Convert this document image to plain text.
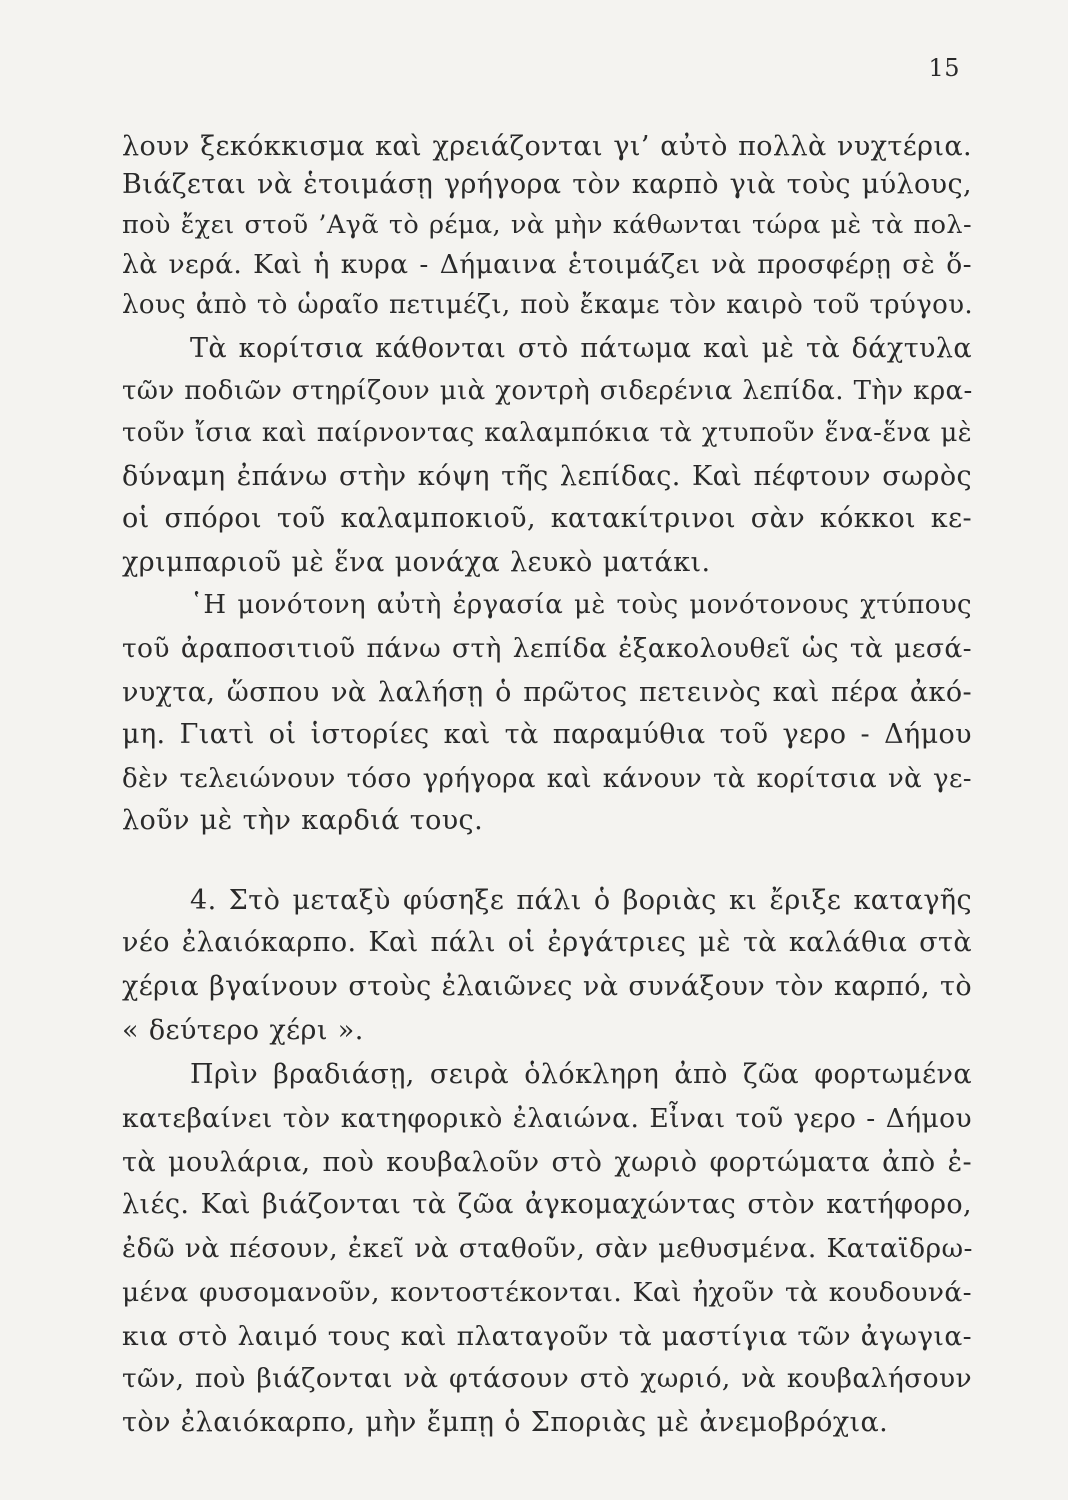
15
λουν ξεκόκκισμα καὶ χρειάζονται γι’ αὐτὸ πολλὰ νυχτέρια.
Βιάζεται νὰ ἑτοιμάσῃ γρήγορα τὸν καρπὸ γιὰ τοὺς μύλους,
ποὺ ἔχει στοῦ ’Αγᾶ τὸ ρέμα, νὰ μὴν κάθωνται τώρα μὲ τὰ πολ-
λὰ νερά. Καὶ ἡ κυρα - Δήμαινα ἑτοιμάζει νὰ προσφέρῃ σὲ ὅ-
λους ἀπὸ τὸ ὡραῖο πετιμέζι, ποὺ ἔκαμε τὸν καιρὸ τοῦ τρύγου.
Τὰ κορίτσια κάθονται στὸ πάτωμα καὶ μὲ τὰ δάχτυλα
τῶν ποδιῶν στηρίζουν μιὰ χοντρὴ σιδερένια λεπίδα. Τὴν κρα-
τοῦν ἴσια καὶ παίρνοντας καλαμπόκια τὰ χτυποῦν ἕνα-ἕνα μὲ
δύναμη ἐπάνω στὴν κόψη τῆς λεπίδας. Καὶ πέφτουν σωρὸς
οἱ σπόροι τοῦ καλαμποκιοῦ, κατακίτρινοι σὰν κόκκοι κε-
χριμπαριοῦ μὲ ἕνα μονάχα λευκὸ ματάκι.
῾Η μονότονη αὐτὴ ἐργασία μὲ τοὺς μονότονους χτύπους
τοῦ ἀραποσιτιοῦ πάνω στὴ λεπίδα ἐξακολουθεῖ ὡς τὰ μεσά-
νυχτα, ὥσπου νὰ λαλήσῃ ὁ πρῶτος πετεινὸς καὶ πέρα ἀκό-
μη. Γιατὶ οἱ ἱστορίες καὶ τὰ παραμύθια τοῦ γερο - Δήμου
δὲν τελειώνουν τόσο γρήγορα καὶ κάνουν τὰ κορίτσια νὰ γε-
λοῦν μὲ τὴν καρδιά τους.
4. Στὸ μεταξὺ φύσηξε πάλι ὁ βοριὰς κι ἔριξε καταγῆς
νέο ἐλαιόκαρπο. Καὶ πάλι οἱ ἐργάτριες μὲ τὰ καλάθια στὰ
χέρια βγαίνουν στοὺς ἐλαιῶνες νὰ συνάξουν τὸν καρπό, τὸ
« δεύτερο χέρι ».
Πρὶν βραδιάσῃ, σειρὰ ὁλόκληρη ἀπὸ ζῶα φορτωμένα
κατεβαίνει τὸν κατηφορικὸ ἐλαιώνα. Εἶναι τοῦ γερο - Δήμου
τὰ μουλάρια, ποὺ κουβαλοῦν στὸ χωριὸ φορτώματα ἀπὸ ἐ-
λιές. Καὶ βιάζονται τὰ ζῶα ἀγκομαχώντας στὸν κατήφορο,
ἐδῶ νὰ πέσουν, ἐκεῖ νὰ σταθοῦν, σὰν μεθυσμένα. Καταϊδρω-
μένα φυσομανοῦν, κοντοστέκονται. Καὶ ἠχοῦν τὰ κουδουνά-
κια στὸ λαιμό τους καὶ πλαταγοῦν τὰ μαστίγια τῶν ἀγωγια-
τῶν, ποὺ βιάζονται νὰ φτάσουν στὸ χωριό, νὰ κουβαλήσουν
τὸν ἐλαιόκαρπο, μὴν ἔμπῃ ὁ Σποριὰς μὲ ἀνεμοβρόχια.
